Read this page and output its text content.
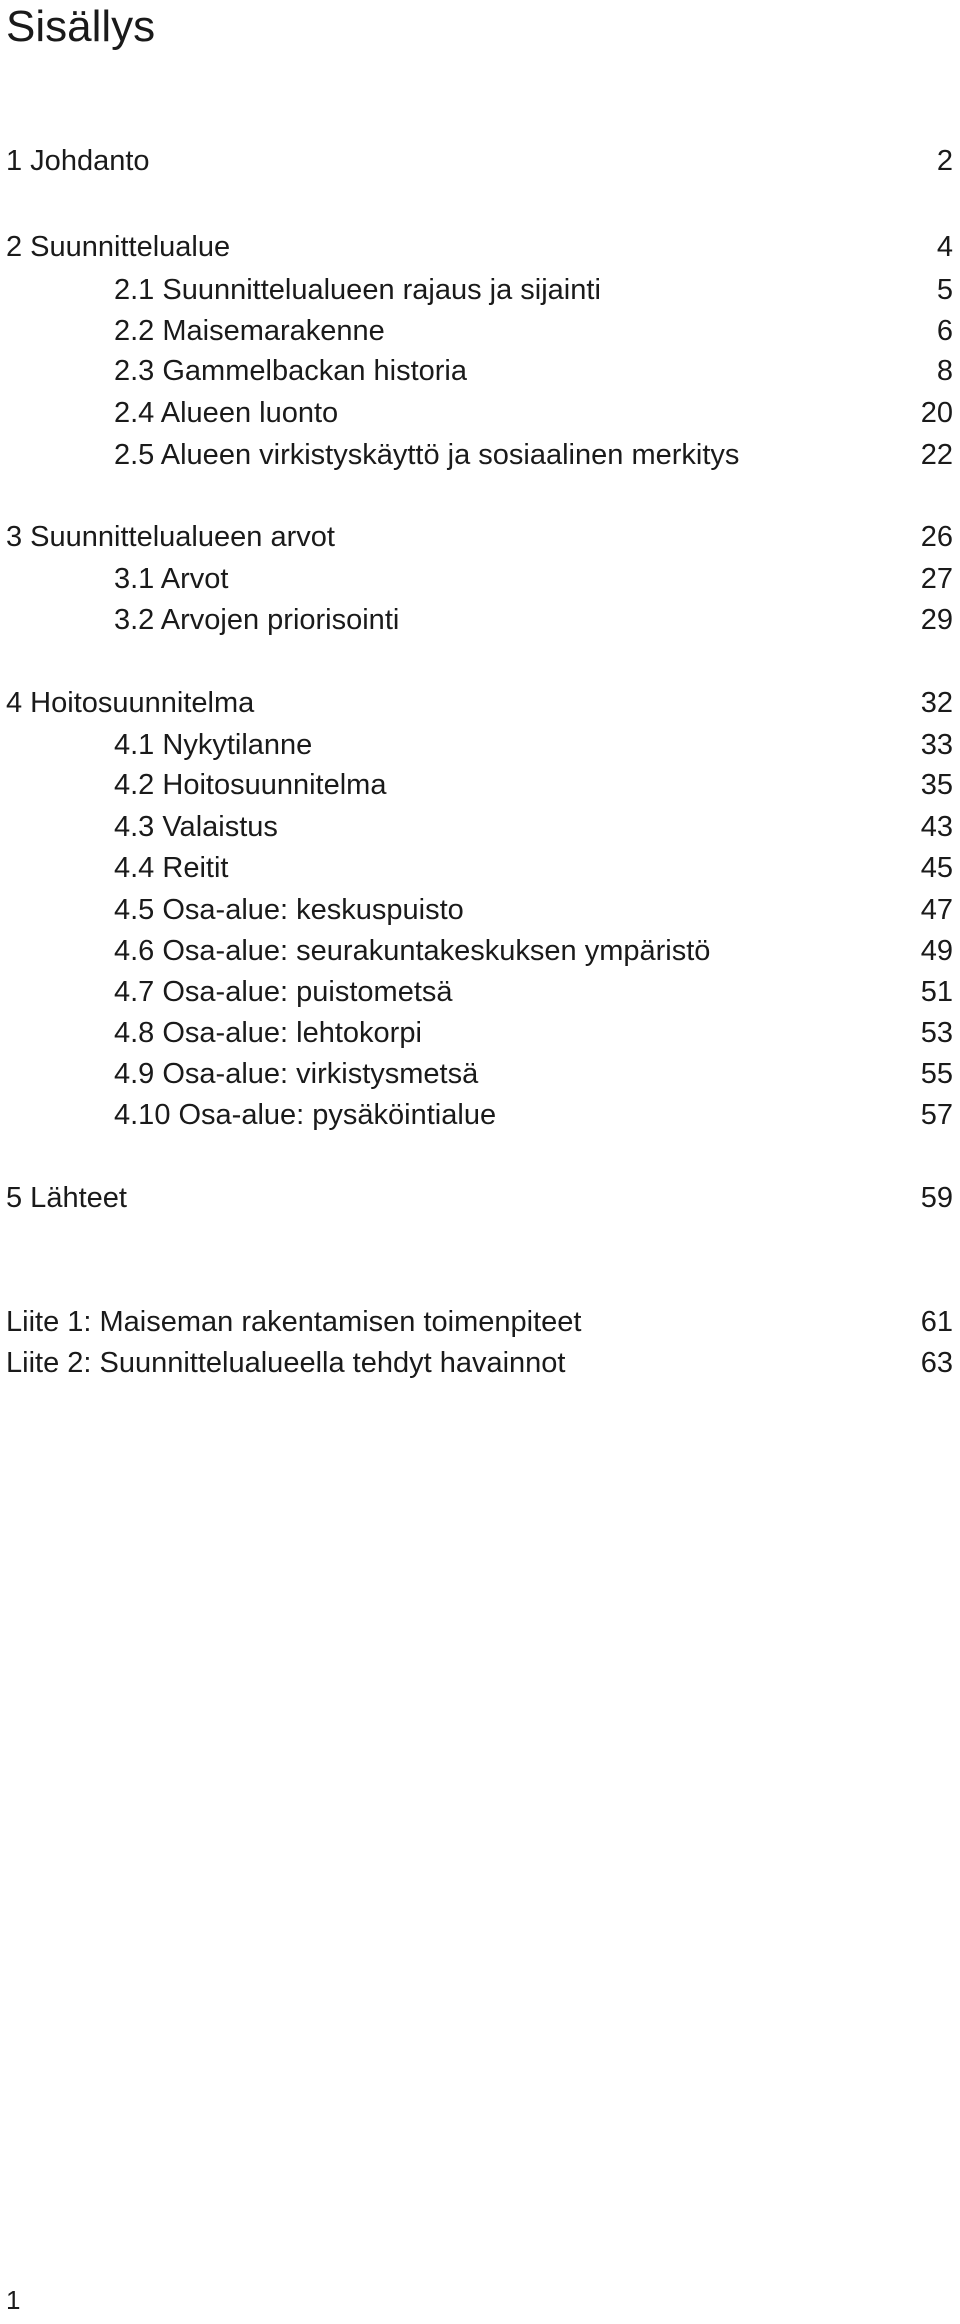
Sisällys
1 Johdanto	2
2 Suunnittelualue	4
2.1 Suunnittelualueen rajaus ja sijainti	5
2.2 Maisemarakenne	6
2.3 Gammelbackan historia	8
2.4 Alueen luonto	20
2.5 Alueen virkistyskäyttö ja sosiaalinen merkitys	22
3 Suunnittelualueen arvot	26
3.1 Arvot	27
3.2 Arvojen priorisointi	29
4 Hoitosuunnitelma	32
4.1 Nykytilanne	33
4.2 Hoitosuunnitelma	35
4.3 Valaistus	43
4.4 Reitit	45
4.5 Osa-alue: keskuspuisto	47
4.6 Osa-alue: seurakuntakeskuksen ympäristö	49
4.7 Osa-alue: puistometsä	51
4.8 Osa-alue: lehtokorpi	53
4.9 Osa-alue: virkistysmetsä	55
4.10 Osa-alue: pysäköintialue	57
5 Lähteet	59
Liite 1: Maiseman rakentamisen toimenpiteet	61
Liite 2: Suunnittelualueella tehdyt havainnot	63
1
